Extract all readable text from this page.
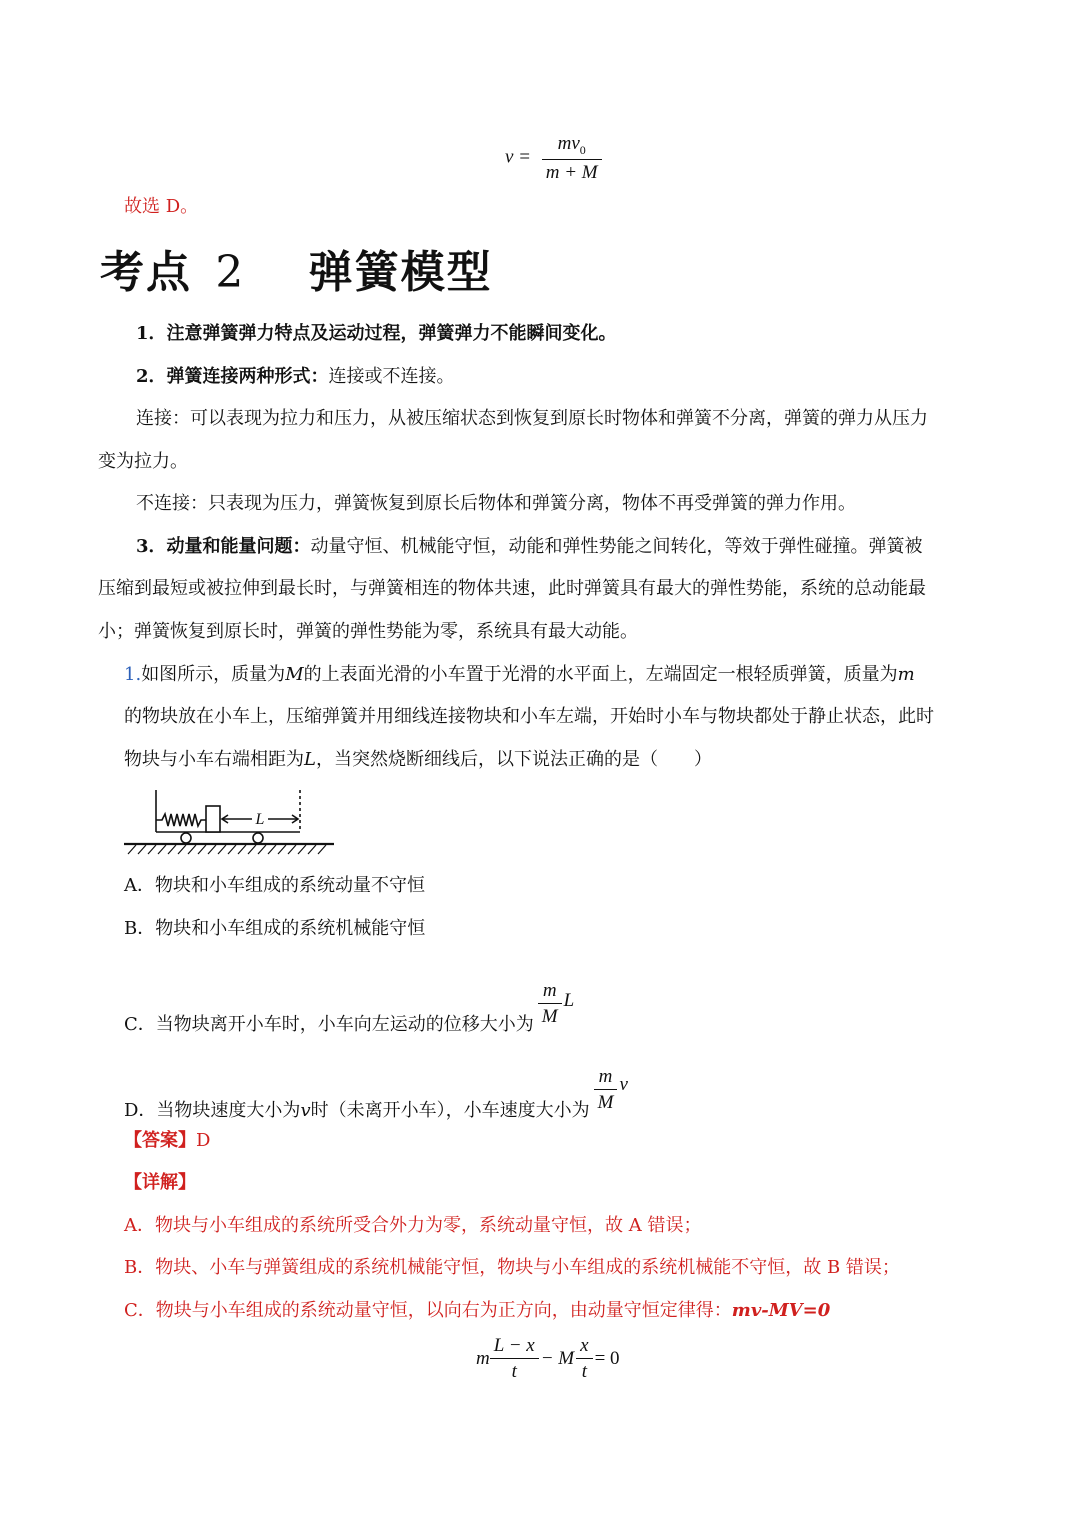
$v = \frac{mv_0}{m + M}$
故选 D。
考点 2 弹簧模型
1．注意弹簧弹力特点及运动过程，弹簧弹力不能瞬间变化。
2．弹簧连接两种形式：连接或不连接。
连接：可以表现为拉力和压力，从被压缩状态到恢复到原长时物体和弹簧不分离，弹簧的弹力从压力
变为拉力。
不连接：只表现为压力，弹簧恢复到原长后物体和弹簧分离，物体不再受弹簧的弹力作用。
3．动量和能量问题：动量守恒、机械能守恒，动能和弹性势能之间转化，等效于弹性碰撞。弹簧被
压缩到最短或被拉伸到最长时，与弹簧相连的物体共速，此时弹簧具有最大的弹性势能，系统的总动能最
小；弹簧恢复到原长时，弹簧的弹性势能为零，系统具有最大动能。
1.如图所示，质量为M的上表面光滑的小车置于光滑的水平面上，左端固定一根轻质弹簧，质量为m
的物块放在小车上，压缩弹簧并用细线连接物块和小车左端，开始时小车与物块都处于静止状态，此时
物块与小车右端相距为L，当突然烧断细线后，以下说法正确的是（　　）
L
A．物块和小车组成的系统动量不守恒
B．物块和小车组成的系统机械能守恒
C．当物块离开小车时，小车向左运动的位移大小为 $\frac{m}{M}$ L
D．当物块速度大小为v时（未离开小车），小车速度大小为 $\frac{m}{M}$ v
【答案】D
【详解】
A．物块与小车组成的系统所受合外力为零，系统动量守恒，故 A 错误；
B．物块、小车与弹簧组成的系统机械能守恒，物块与小车组成的系统机械能不守恒，故 B 错误；
C．物块与小车组成的系统动量守恒，以向右为正方向，由动量守恒定律得：mv-MV=0
m $\frac{L - x}{t} - M \frac{x}{t} = 0$
